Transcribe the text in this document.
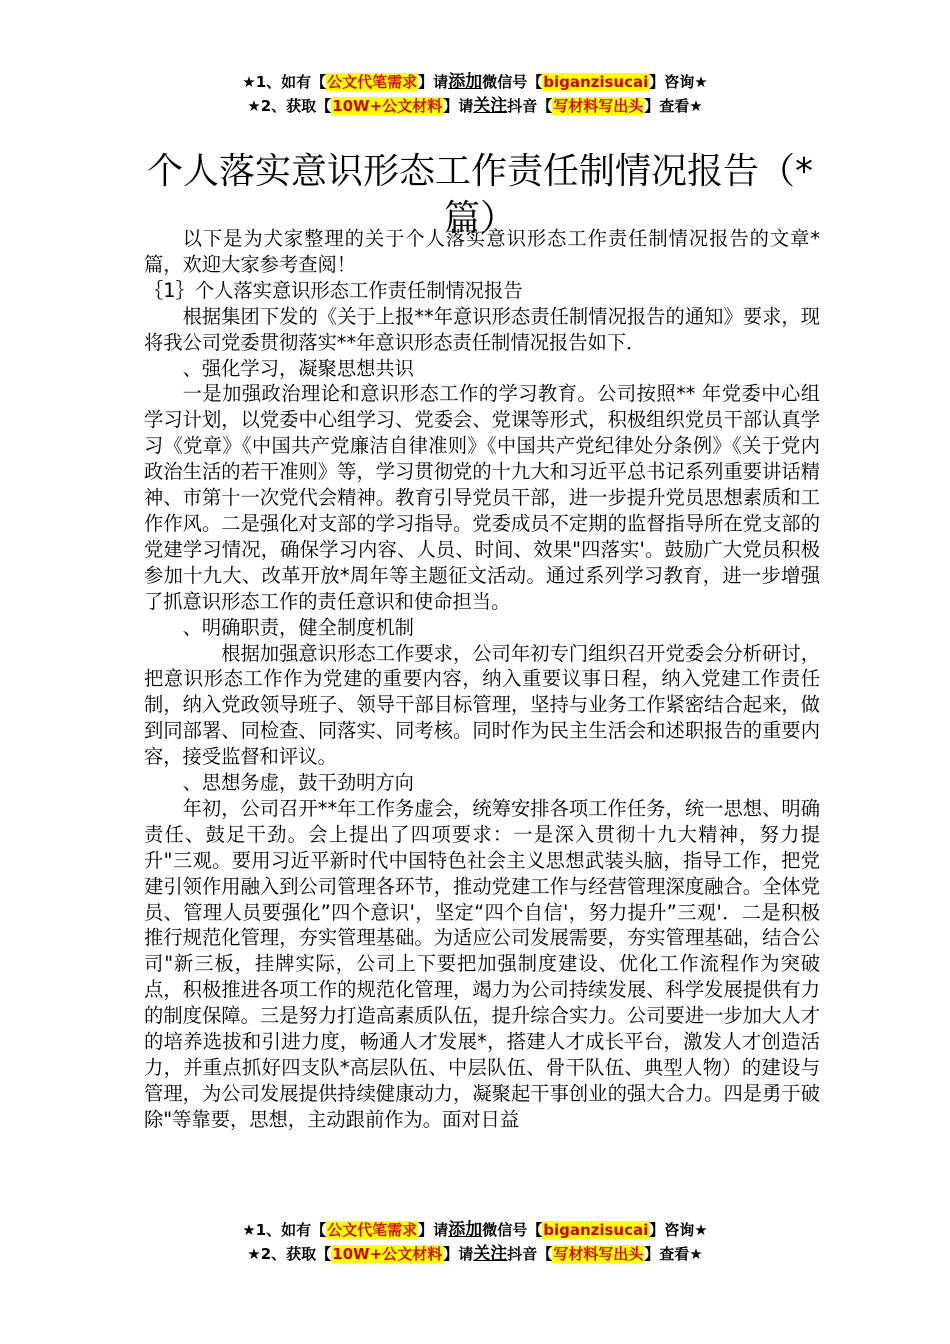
★1、如有【公文代笔需求】请添加微信号【biganzisucai】咨询★
★2、获取【10W+公文材料】请关注抖音【写材料写出头】查看★
个人落实意识形态工作责任制情况报告（*篇）

以下是为犬家整理的关于个人落实意识形态工作责任制情况报告的文章*篇，欢迎大家参考查阅！

｛1｝个人落实意识形态工作责任制情况报告

根据集团下发的《关于上报**年意识形态责任制情况报告的通知》要求，现将我公司党委贯彻落实**年意识形态责任制情况报告如下．

、强化学习，凝聚思想共识

一是加强政治理论和意识形态工作的学习教育。公司按照** 年党委中心组学习计划，以党委中心组学习、党委会、党课等形式，积极组织党员干部认真学习《党章》《中国共产党廉洁自律准则》《中国共产党纪律处分条例》《关于党内政治生活的若干准则》等，学习贯彻党的十九大和习近平总书记系列重要讲话精神、市第十一次党代会精神。教育引导党员干部，进一步提升党员思想素质和工作作风。二是强化对支部的学习指导。党委成员不定期的监督指导所在党支部的党建学习情况，确保学习内容、人员、时间、效果"四落实'。鼓励广大党员积极参加十九大、改革开放*周年等主题征文活动。通过系列学习教育，进一步增强了抓意识形态工作的责任意识和使命担当。

、明确职责，健全制度机制

根据加强意识形态工作要求，公司年初专门组织召开党委会分析研讨，把意识形态工作作为党建的重要内容，纳入重要议事日程，纳入党建工作责任制，纳入党政领导班子、领导干部目标管理，坚持与业务工作紧密结合起来，做到同部署、同检查、同落实、同考核。同时作为民主生活会和述职报告的重要内容，接受监督和评议。

、思想务虚，鼓干劲明方向

年初，公司召开**年工作务虚会，统筹安排各项工作任务，统一思想、明确责任、鼓足干劲。会上提出了四项要求：一是深入贯彻十九大精神，努力提升"三观。要用习近平新时代中国特色社会主义思想武装头脑，指导工作，把党建引领作用融入到公司管理各环节，推动党建工作与经营管理深度融合。全体党员、管理人员要强化”四个意识'，坚定“四个自信'，努力提升”三观'．二是积极推行规范化管理，夯实管理基础。为适应公司发展需要，夯实管理基础，结合公司"新三板，挂牌实际，公司上下要把加强制度建设、优化工作流程作为突破点，积极推进各项工作的规范化管理，竭力为公司持续发展、科学发展提供有力的制度保障。三是努力打造高素质队伍，提升综合实力。公司要进一步加大人才的培养选拔和引进力度，畅通人才发展*，搭建人才成长平台，激发人才创造活力，并重点抓好四支队*高层队伍、中层队伍、骨干队伍、典型人物）的建设与管理，为公司发展提供持续健康动力，凝聚起干事创业的强大合力。四是勇于破除"等靠要，思想，主动跟前作为。面对日益

★1、如有【公文代笔需求】请添加微信号【biganzisucai】咨询★
★2、获取【10W+公文材料】请关注抖音【写材料写出头】查看★
